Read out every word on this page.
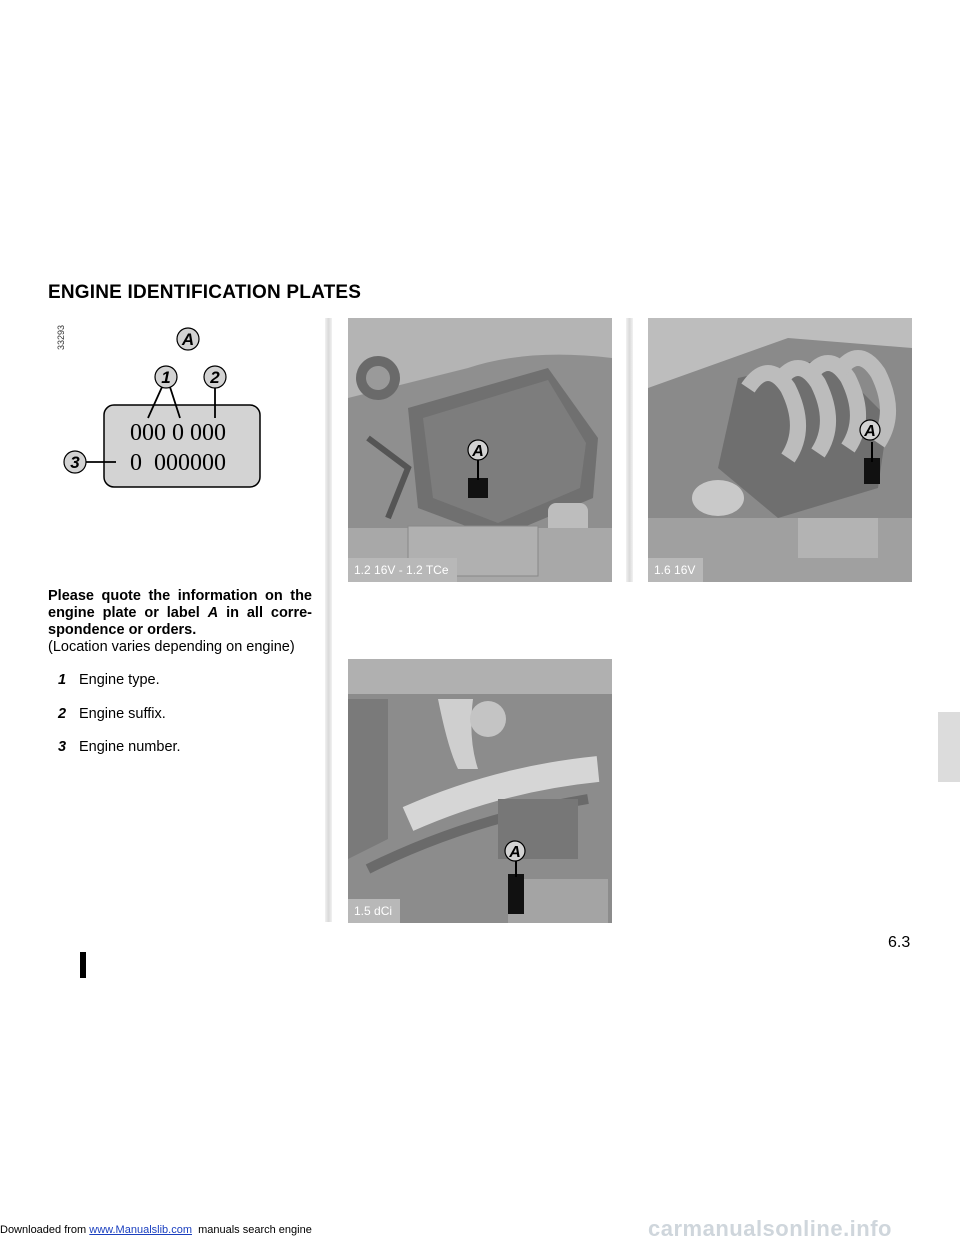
ENGINE IDENTIFICATION PLATES
33293	A
1 2
3
000 0 000
0  000000	A
1.2 16V - 1.2 TCe
A
1.6 16V
A
1.5 dCi
Please quote the information on the engine plate or label A in all corre-spondence or orders.
(Location varies depending on engine)
1 Engine type.
2 Engine suffix.
3 Engine number.
6.3
Downloaded from www.Manualslib.com  manuals search engine	carmanualsonline.info
